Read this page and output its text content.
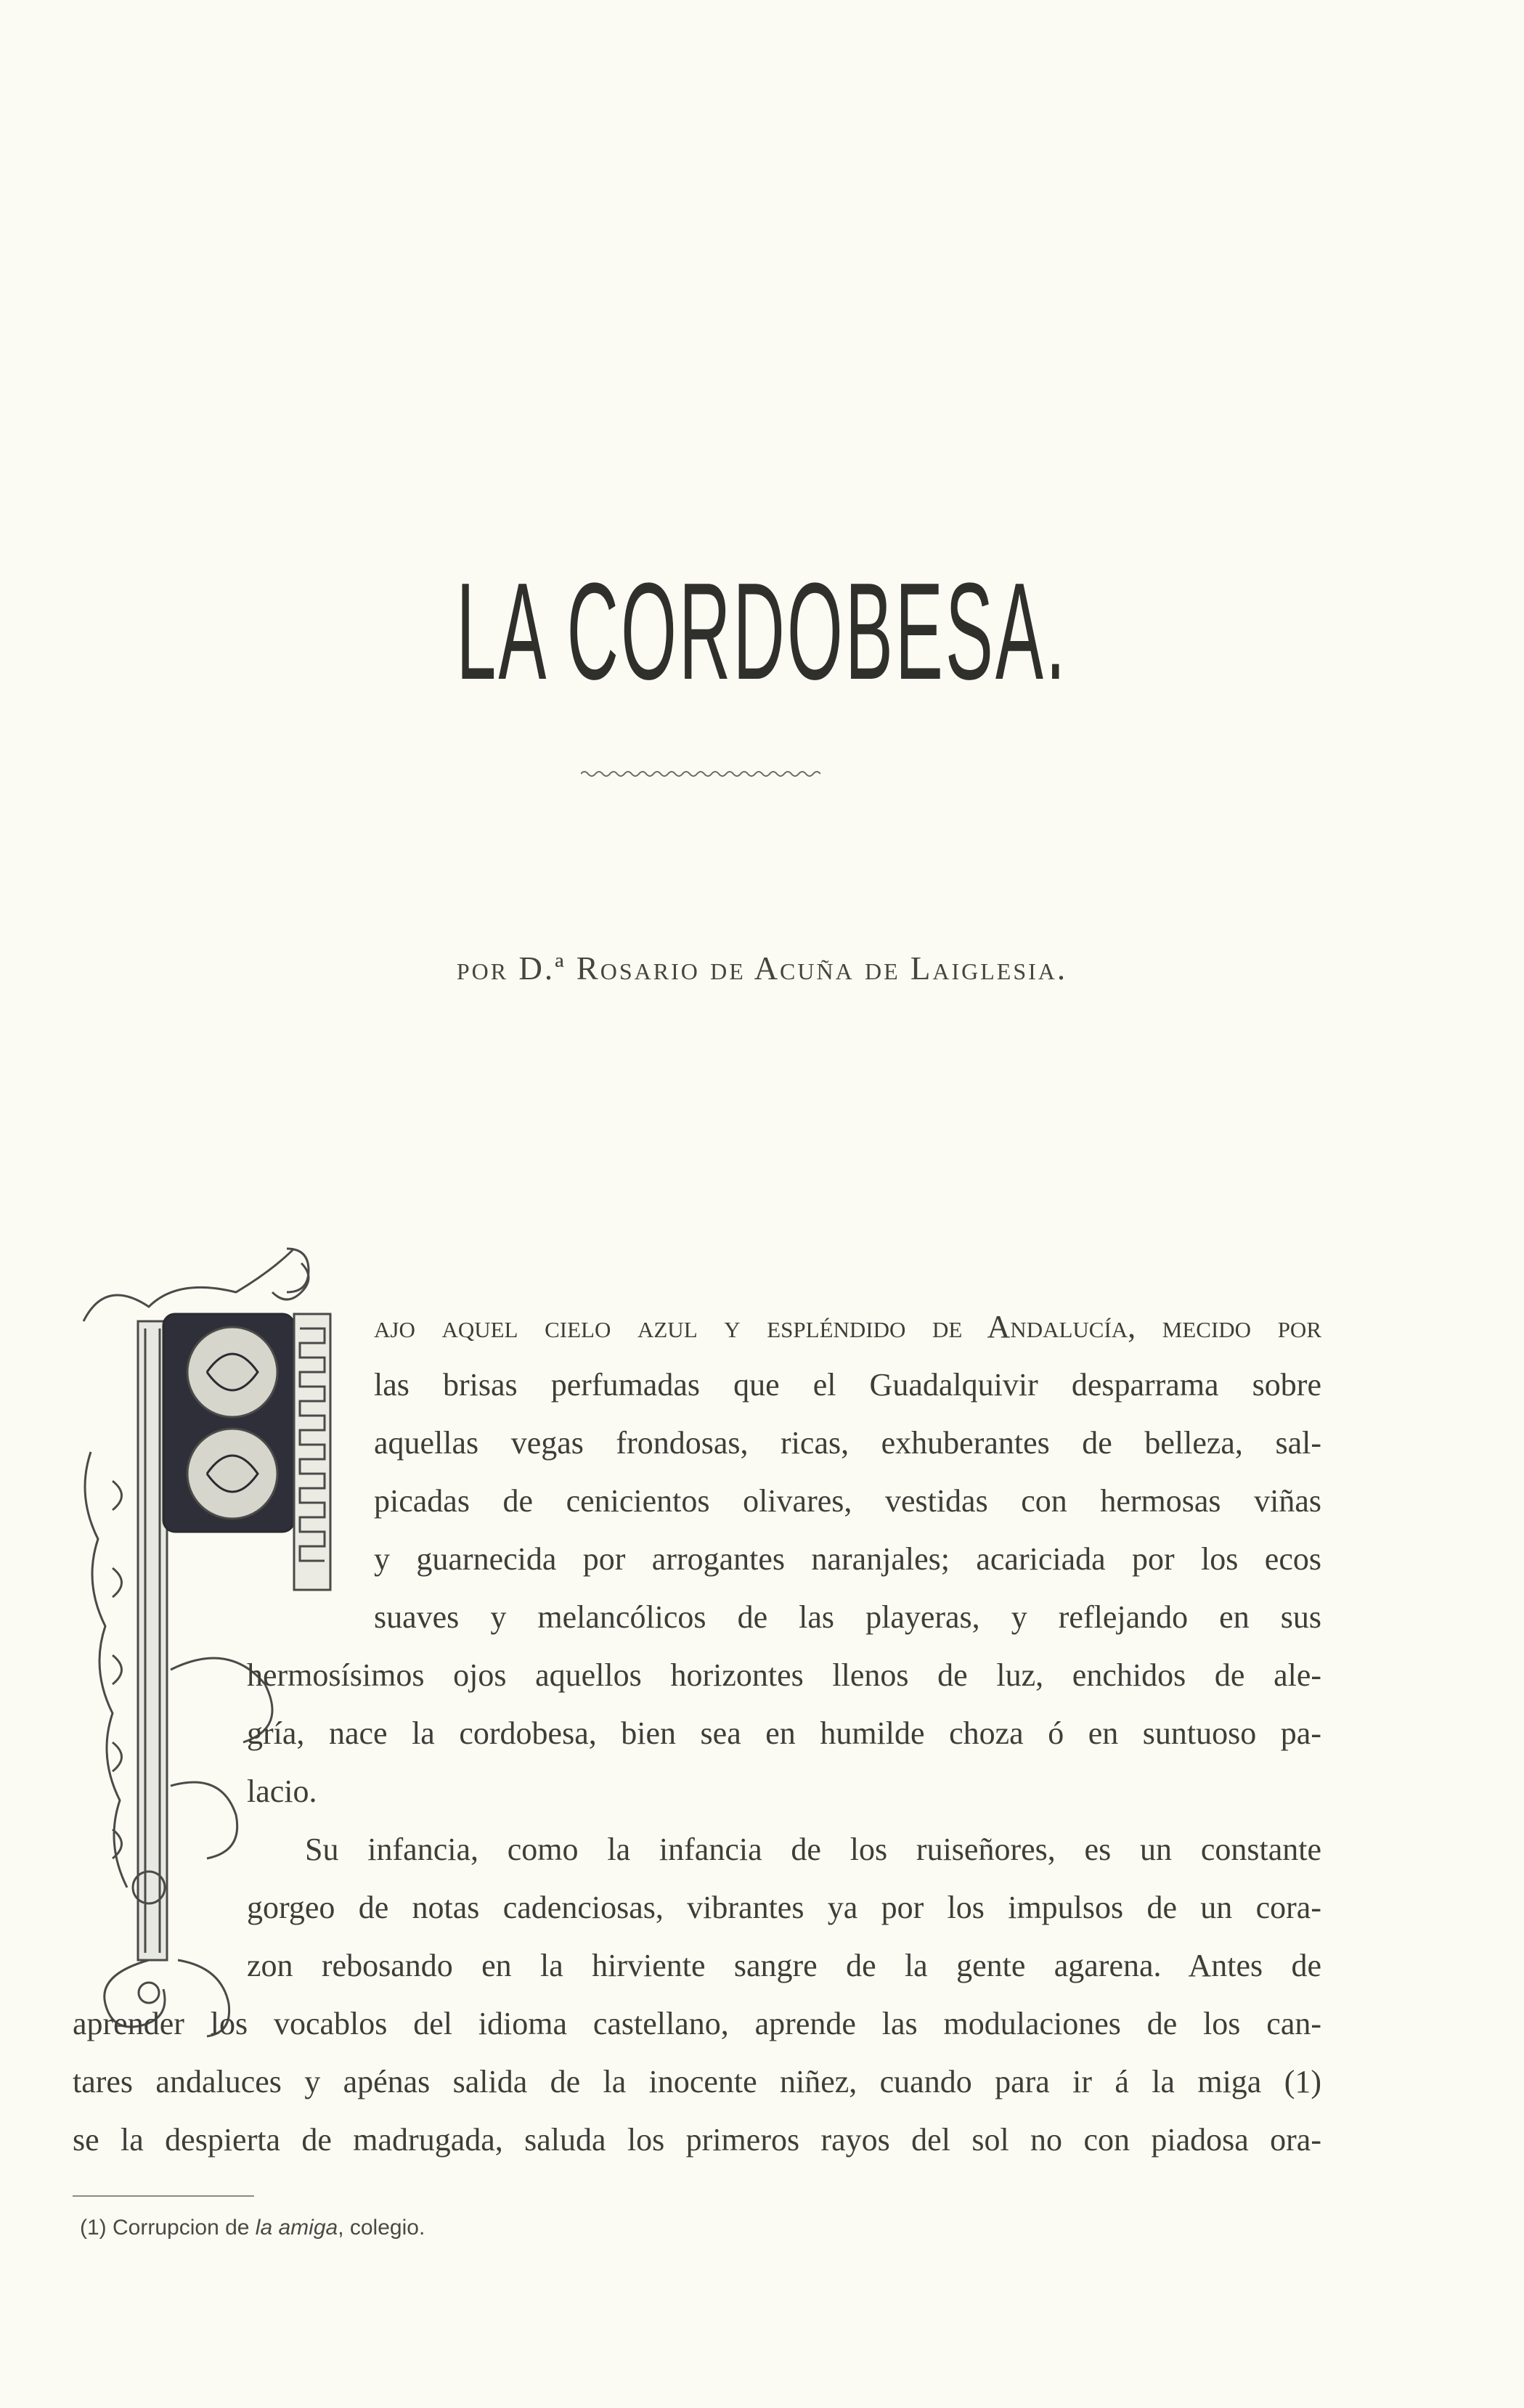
LA CORDOBESA.
por D.ª Rosario de Acuña de Laiglesia.
ajo aquel cielo azul y espléndido de Andalucía, mecido por
las brisas perfumadas que el Guadalquivir desparrama sobre
aquellas vegas frondosas, ricas, exhuberantes de belleza, sal-
picadas de cenicientos olivares, vestidas con hermosas viñas
y guarnecida por arrogantes naranjales; acariciada por los ecos
suaves y melancólicos de las playeras, y reflejando en sus
hermosísimos ojos aquellos horizontes llenos de luz, enchidos de ale-
gría, nace la cordobesa, bien sea en humilde choza ó en suntuoso pa-
lacio.
Su infancia, como la infancia de los ruiseñores, es un constante
gorgeo de notas cadenciosas, vibrantes ya por los impulsos de un cora-
zon rebosando en la hirviente sangre de la gente agarena. Antes de
aprender los vocablos del idioma castellano, aprende las modulaciones de los can-
tares andaluces y apénas salida de la inocente niñez, cuando para ir á la miga (1)
se la despierta de madrugada, saluda los primeros rayos del sol no con piadosa ora-
(1) Corrupcion de la amiga, colegio.
